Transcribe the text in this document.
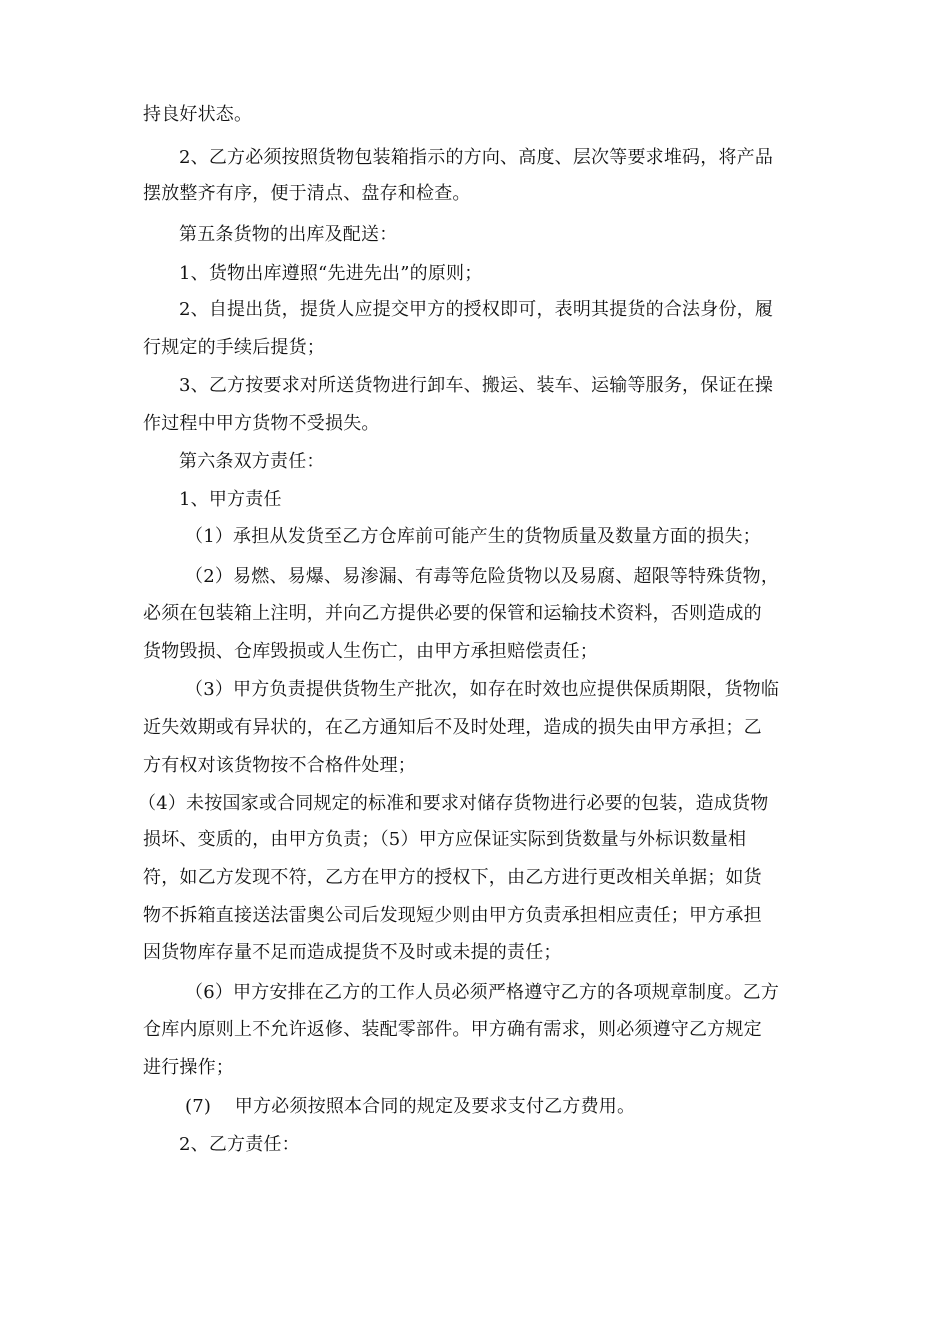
持良好状态。
2、乙方必须按照货物包装箱指示的方向、高度、层次等要求堆码，将产品
摆放整齐有序，便于清点、盘存和检查。
第五条货物的出库及配送：
1、货物出库遵照“先进先出”的原则；
2、自提出货，提货人应提交甲方的授权即可，表明其提货的合法身份，履
行规定的手续后提货；
3、乙方按要求对所送货物进行卸车、搬运、装车、运输等服务，保证在操
作过程中甲方货物不受损失。
第六条双方责任：
1、甲方责任
（1）承担从发货至乙方仓库前可能产生的货物质量及数量方面的损失；
（2）易燃、易爆、易渗漏、有毒等危险货物以及易腐、超限等特殊货物，
必须在包装箱上注明，并向乙方提供必要的保管和运输技术资料，否则造成的
货物毁损、仓库毁损或人生伤亡，由甲方承担赔偿责任；
（3）甲方负责提供货物生产批次，如存在时效也应提供保质期限，货物临
近失效期或有异状的，在乙方通知后不及时处理，造成的损失由甲方承担；乙
方有权对该货物按不合格件处理；
（4）未按国家或合同规定的标准和要求对储存货物进行必要的包装，造成货物
损坏、变质的，由甲方负责；（5）甲方应保证实际到货数量与外标识数量相
符，如乙方发现不符，乙方在甲方的授权下，由乙方进行更改相关单据；如货
物不拆箱直接送法雷奥公司后发现短少则由甲方负责承担相应责任；甲方承担
因货物库存量不足而造成提货不及时或未提的责任；
（6）甲方安排在乙方的工作人员必须严格遵守乙方的各项规章制度。乙方
仓库内原则上不允许返修、装配零部件。甲方确有需求，则必须遵守乙方规定
进行操作；
(7)    甲方必须按照本合同的规定及要求支付乙方费用。
2、乙方责任：
